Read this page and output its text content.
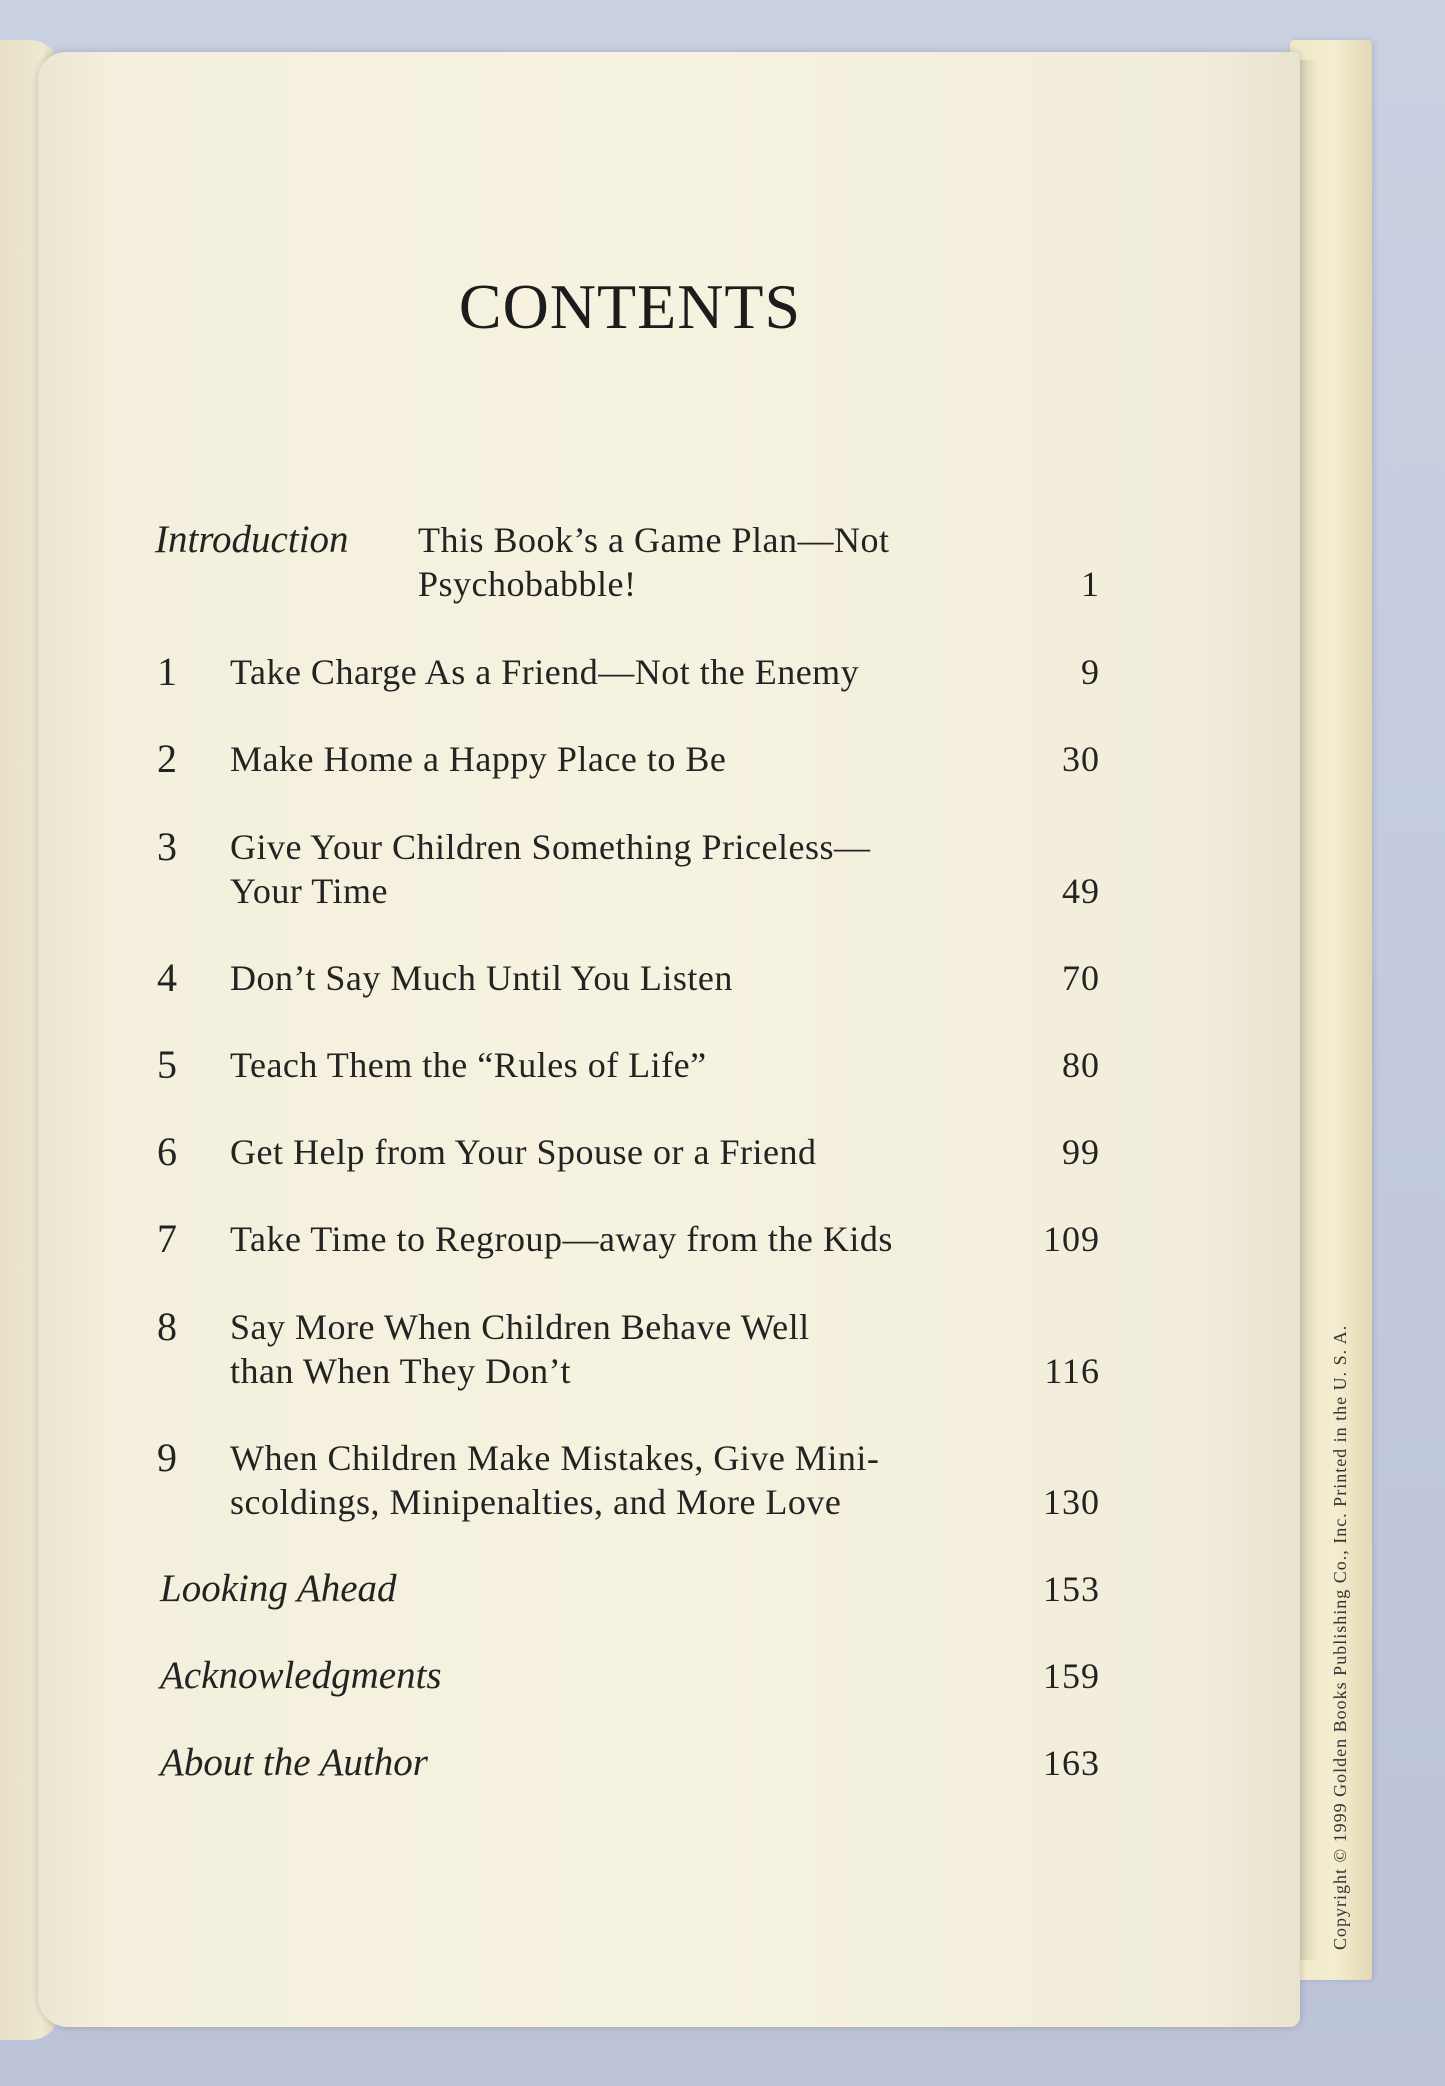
CONTENTS
Introduction This Book’s a Game Plan—Not
Psychobabble!	1
1	Take Charge As a Friend—Not the Enemy	9
2	Make Home a Happy Place to Be	30
3	Give Your Children Something Priceless—
Your Time	49
4	Don’t Say Much Until You Listen	70
5	Teach Them the “Rules of Life”	80
6	Get Help from Your Spouse or a Friend	99
7	Take Time to Regroup—away from the Kids	109
8	Say More When Children Behave Well
than When They Don’t	116
9	When Children Make Mistakes, Give Mini-
scoldings, Minipenalties, and More Love	130
Looking Ahead	153
Acknowledgments	159
About the Author	163	Copyright © 1999 Golden Books Publishing Co., Inc. Printed in the U. S. A.
